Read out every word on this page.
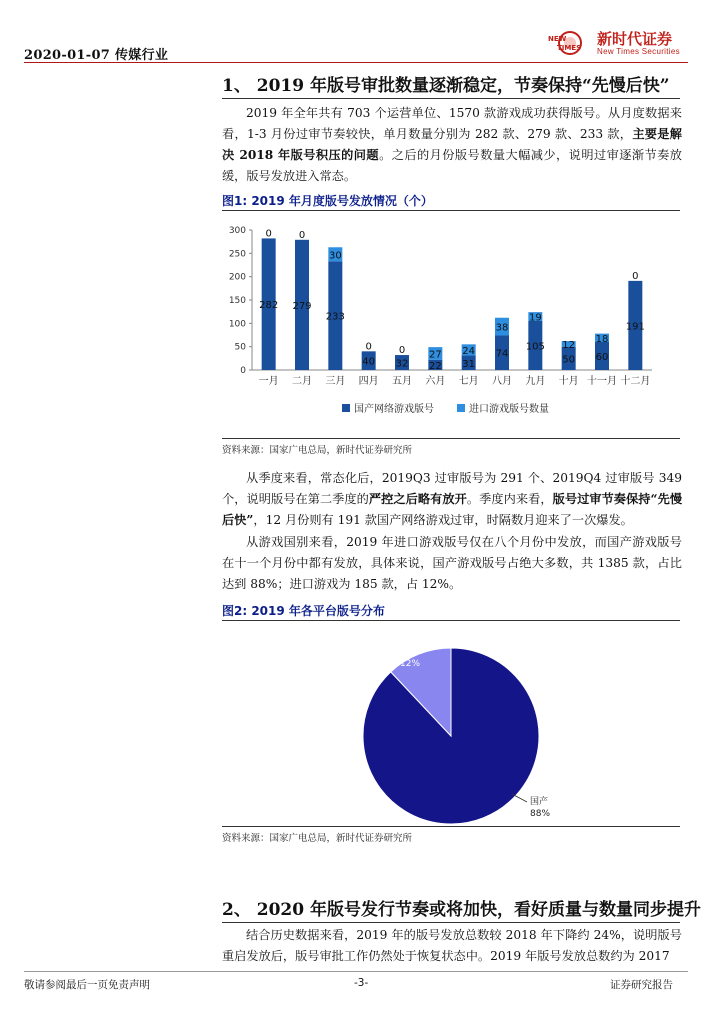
2020-01-07 传媒行业
NEW
TIMES 新时代证券
New Times Securities
1、 2019 年版号审批数量逐渐稳定，节奏保持“先慢后快”
2019 年全年共有 703 个运营单位、1570 款游戏成功获得版号。从月度数据来看，1-3 月份过审节奏较快，单月数量分别为 282 款、279 款、233 款，主要是解决 2018 年版号积压的问题。之后的月份版号数量大幅减少，说明过审逐渐节奏放缓，版号发放进入常态。
图1: 2019 年月度版号发放情况（个）
0
50
100
150
200
250
300
一月 二月 三月 四月 五月 六月 七月 八月 九月 十月 十一月 十二月
282
0
279
0
233
30
40
0
32
0
22
27
31
24 74
38
105
19
50
12
60
18
191
0
国产网络游戏版号	进口游戏版号数量
资料来源：国家广电总局，新时代证券研究所
从季度来看，常态化后，2019Q3 过审版号为 291 个、2019Q4 过审版号 349 个，说明版号在第二季度的严控之后略有放开。季度内来看，版号过审节奏保持“先慢后快”，12 月份则有 191 款国产网络游戏过审，时隔数月迎来了一次爆发。
从游戏国别来看，2019 年进口游戏版号仅在八个月份中发放，而国产游戏版号在十一个月份中都有发放，具体来说，国产游戏版号占绝大多数，共 1385 款，占比达到 88%；进口游戏为 185 款，占 12%。
图2: 2019 年各平台版号分布
进口
12%
国产
88%
资料来源：国家广电总局，新时代证券研究所
2、 2020 年版号发行节奏或将加快，看好质量与数量同步提升
结合历史数据来看，2019 年的版号发放总数较 2018 年下降约 24%，说明版号重启发放后，版号审批工作仍然处于恢复状态中。2019 年版号发放总数约为 2017
敬请参阅最后一页免责声明	-3-	证券研究报告
